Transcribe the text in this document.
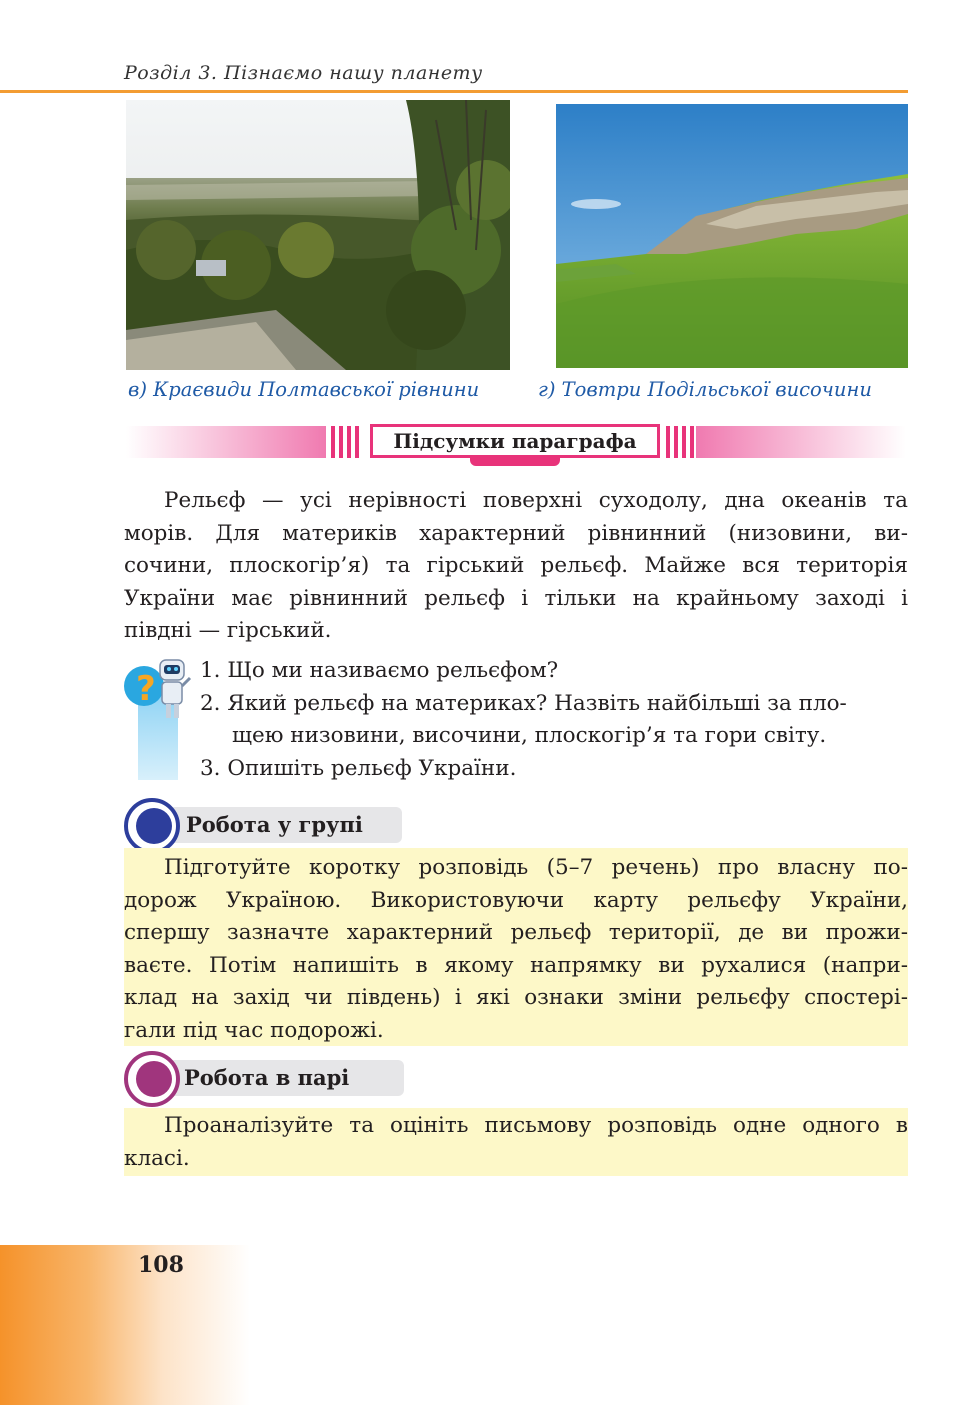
Розділ 3. Пізнаємо нашу планету
в) Краєвиди Полтавської рівнини	г) Товтри Подільської височини
Підсумки параграфа
Рельєф — усі нерівності поверхні суходолу, дна океанів та
морів. Для материків характерний рівнинний (низовини, ви-
сочини, плоскогір’я) та гірський рельєф. Майже вся територія
України має рівнинний рельєф і тільки на крайньому заході і
півдні — гірський.
? 1. Що ми називаємо рельєфом?
2. Який рельєф на материках? Назвіть найбільші за пло-
щею низовини, височини, плоскогір’я та гори світу.
3. Опишіть рельєф України.
Робота у групі
Підготуйте коротку розповідь (5–7 речень) про власну по-
дорож Україною. Використовуючи карту рельєфу України,
спершу зазначте характерний рельєф території, де ви прожи-
ваєте. Потім напишіть в якому напрямку ви рухалися (напри-
клад на захід чи південь) і які ознаки зміни рельєфу спостері-
гали під час подорожі.
Робота в парі
Проаналізуйте та оцініть письмову розповідь одне одного в
класі.
108
